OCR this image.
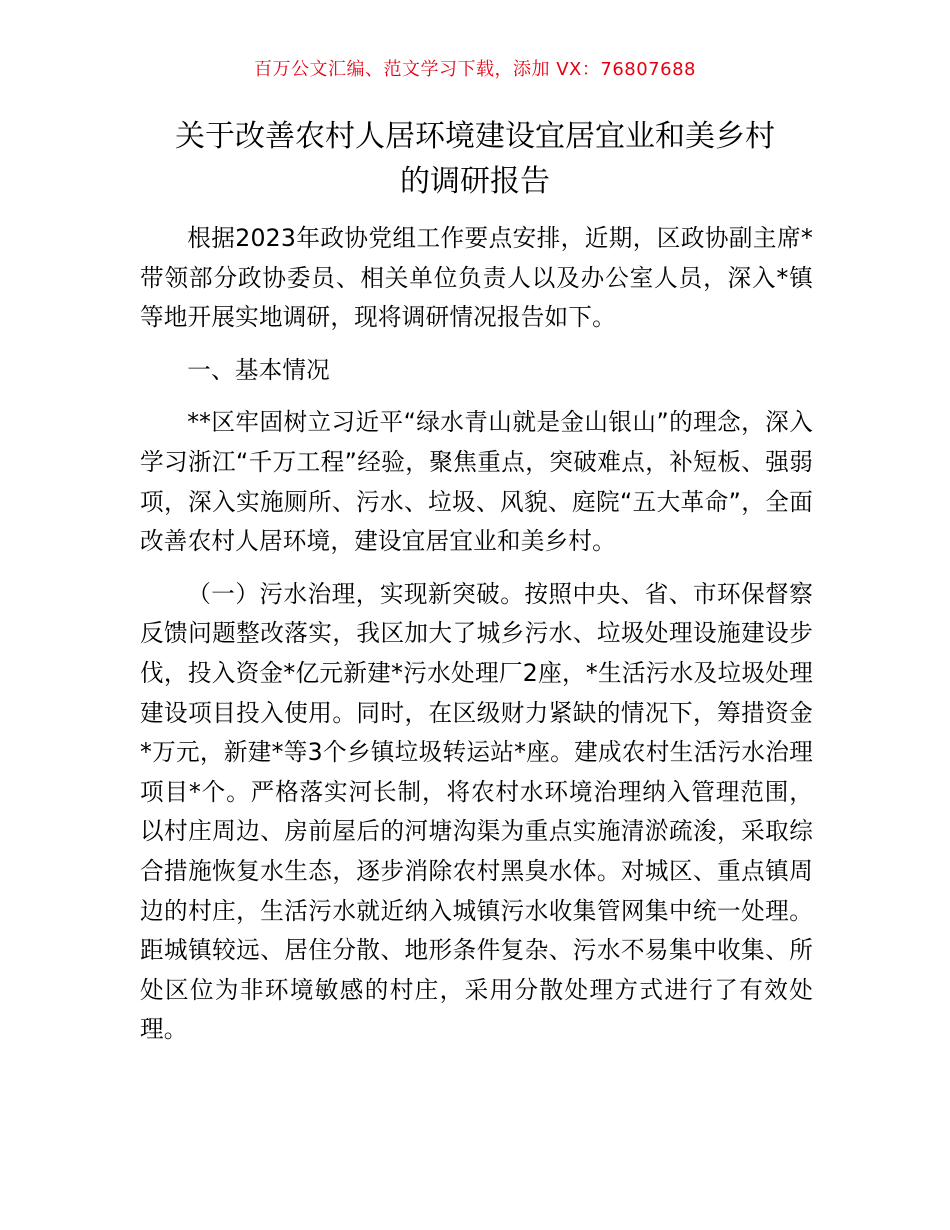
百万公文汇编、范文学习下载，添加 VX：76807688
关于改善农村人居环境建设宜居宜业和美乡村
的调研报告

根据2023年政协党组工作要点安排，近期，区政协副主席*带领部分政协委员、相关单位负责人以及办公室人员，深入*镇等地开展实地调研，现将调研情况报告如下。

一、基本情况

**区牢固树立习近平“绿水青山就是金山银山”的理念，深入学习浙江“千万工程”经验，聚焦重点，突破难点，补短板、强弱项，深入实施厕所、污水、垃圾、风貌、庭院“五大革命”，全面改善农村人居环境，建设宜居宜业和美乡村。

（一）污水治理，实现新突破。按照中央、省、市环保督察反馈问题整改落实，我区加大了城乡污水、垃圾处理设施建设步伐，投入资金*亿元新建*污水处理厂2座，*生活污水及垃圾处理建设项目投入使用。同时，在区级财力紧缺的情况下，筹措资金*万元，新建*等3个乡镇垃圾转运站*座。建成农村生活污水治理项目*个。严格落实河长制，将农村水环境治理纳入管理范围，以村庄周边、房前屋后的河塘沟渠为重点实施清淤疏浚，采取综合措施恢复水生态，逐步消除农村黑臭水体。对城区、重点镇周边的村庄，生活污水就近纳入城镇污水收集管网集中统一处理。距城镇较远、居住分散、地形条件复杂、污水不易集中收集、所处区位为非环境敏感的村庄，采用分散处理方式进行了有效处理。
